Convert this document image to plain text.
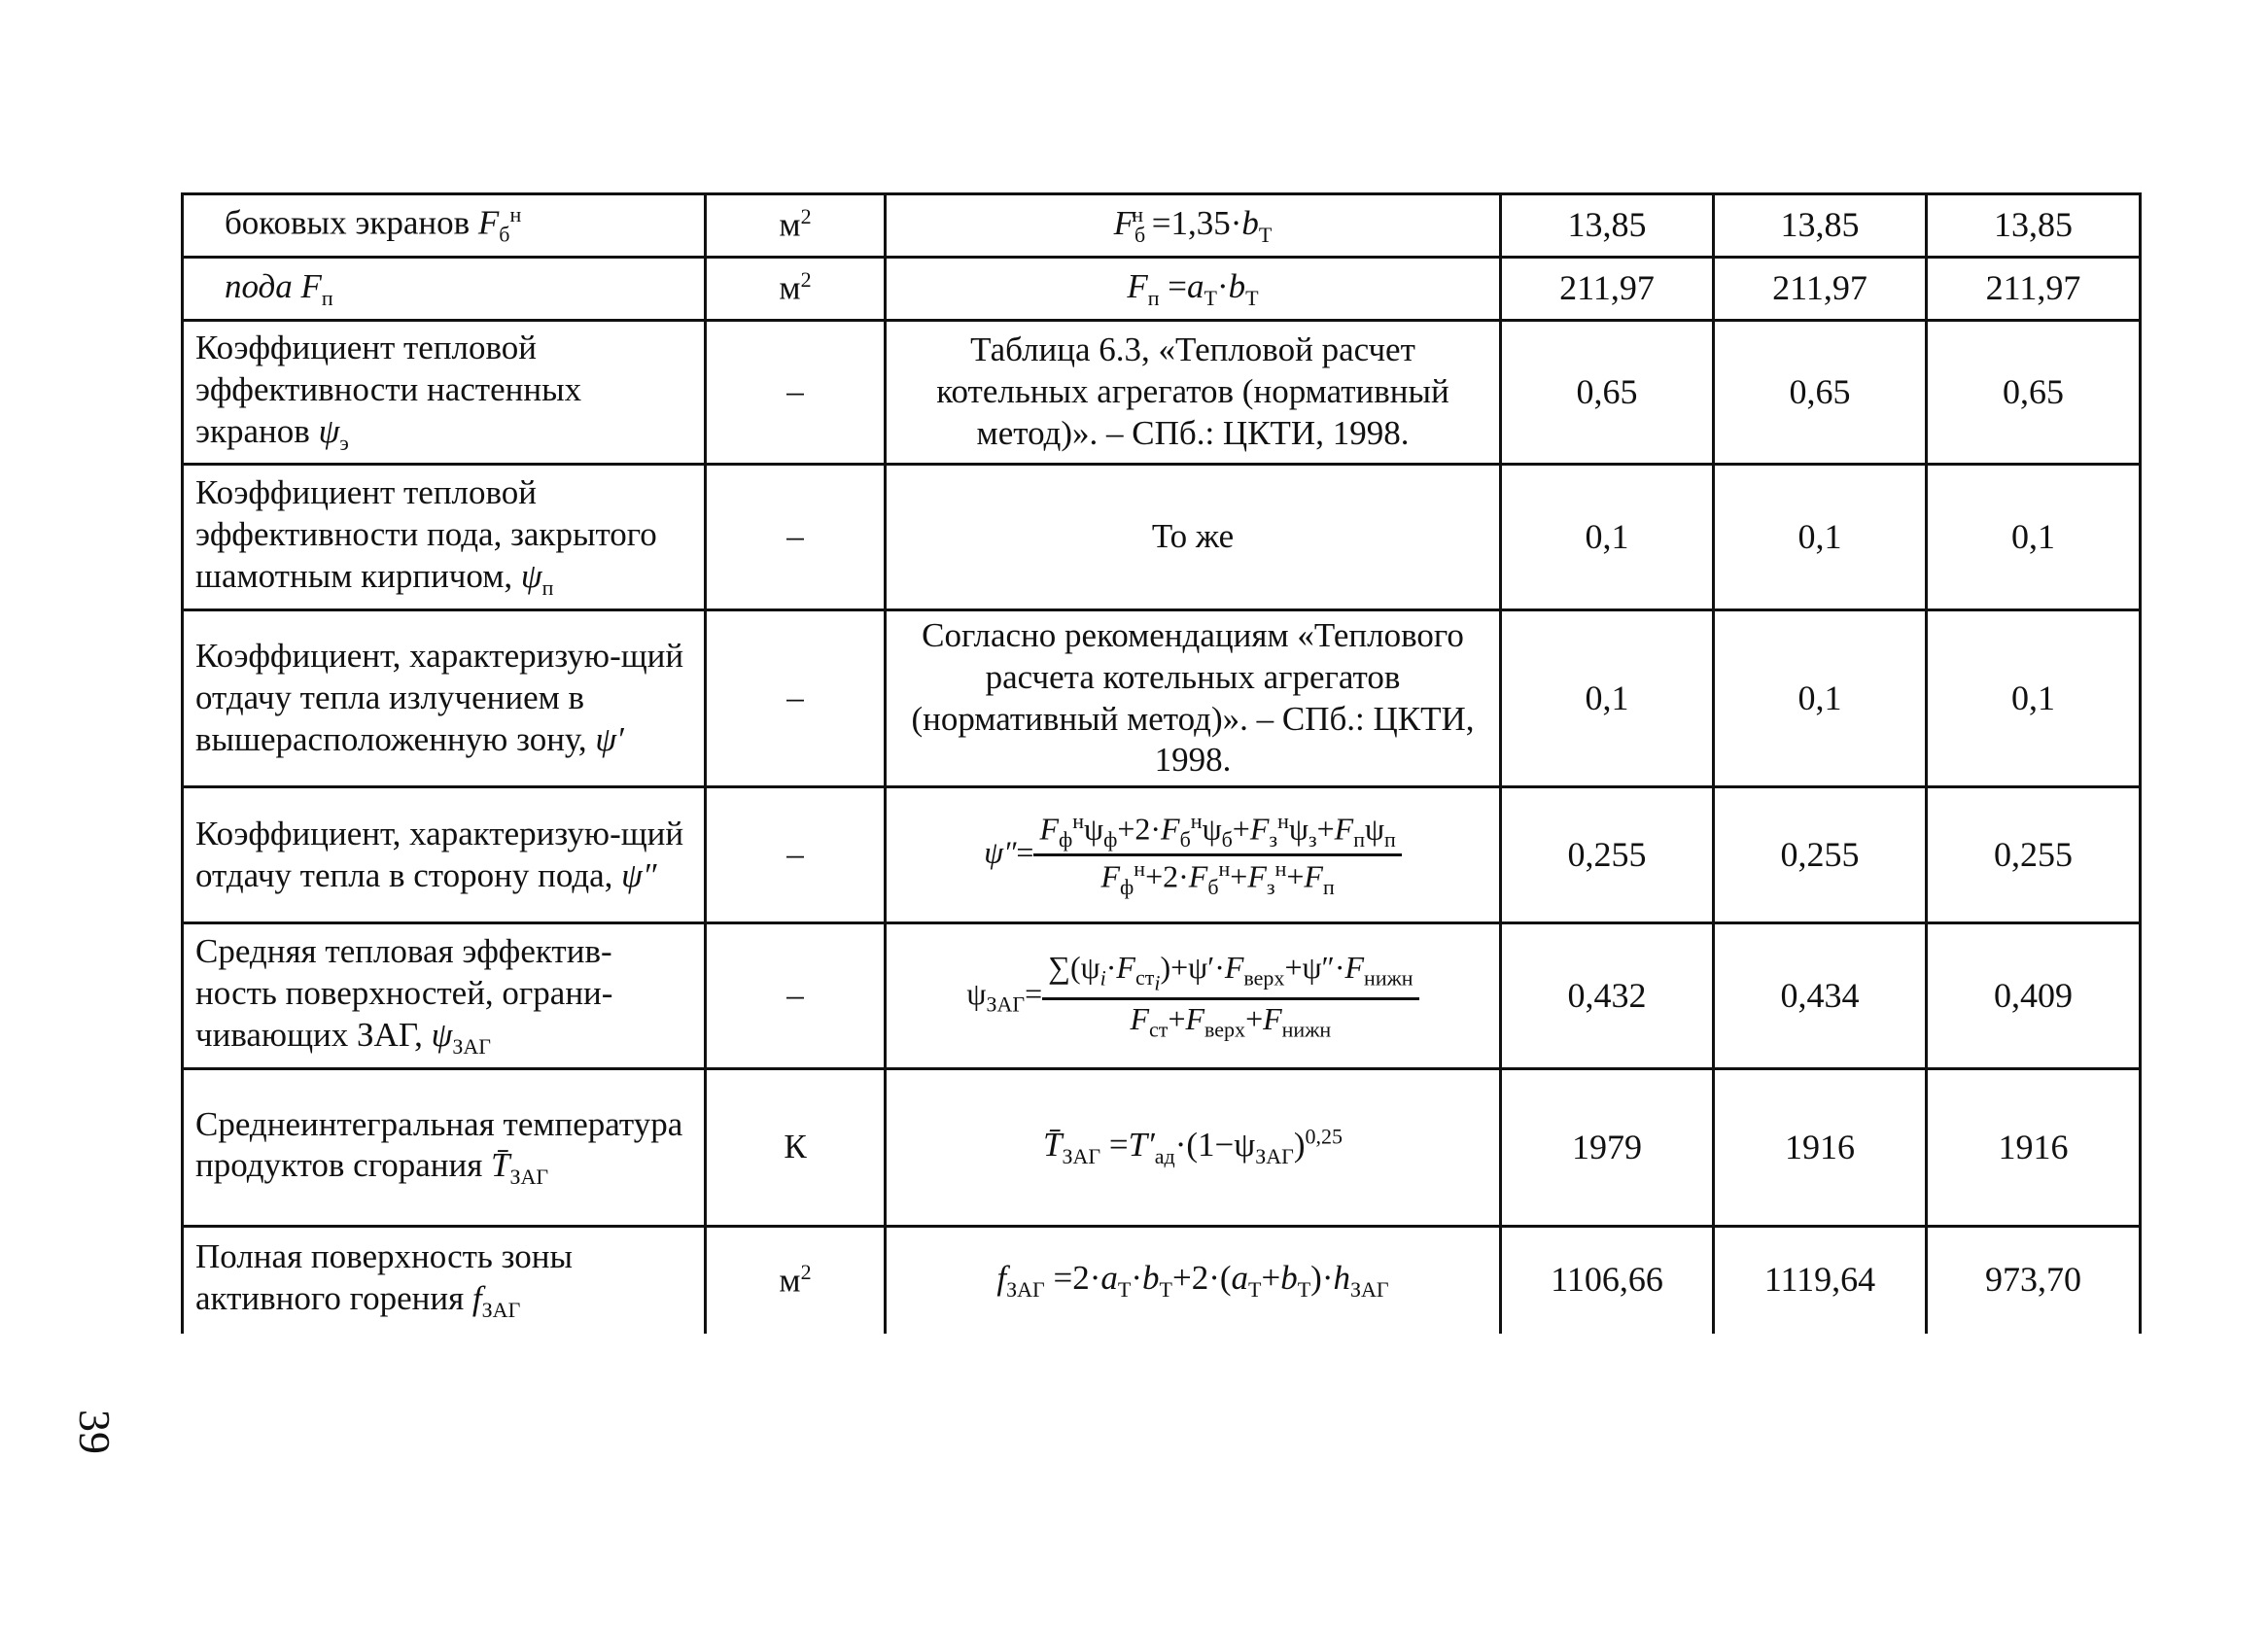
боковых экранов $F_б^н$	$м^2$	$F_б^н =1,35\cdot b_Т$	13,85	13,85	13,85
пода $F_п$	$м^2$	$F_п =a_Т\cdot b_Т$	211,97	211,97	211,97
Коэффициент тепловой эффективности настенных экранов $\psi_э$	–	Таблица 6.3, «Тепловой расчет котельных агрегатов (нормативный метод)». – СПб.: ЦКТИ, 1998.	0,65	0,65	0,65
Коэффициент тепловой эффективности пода, закрытого шамотным кирпичом, $\psi_п$	–	То же	0,1	0,1	0,1
Коэффициент, характеризую-щий отдачу тепла излучением в вышерасположенную зону, ψ′	–	Согласно рекомендациям «Теплового расчета котельных агрегатов (нормативный метод)». – СПб.: ЦКТИ, 1998.	0,1	0,1	0,1
Коэффициент, характеризую-щий отдачу тепла в сторону пода, ψ″	–	$\psi''= \frac{F_ф^н\psi_ф+2\cdot F_б^н\psi_б+F_з^н\psi_з+F_п\psi_п}{F_ф^н+2\cdot F_б^н+F_з^н+F_п}$	0,255	0,255	0,255
Средняя тепловая эффектив-ность поверхностей, ограни-чивающих ЗАГ, $\psi_{ЗАГ}$	–	$\psi_{ЗАГ}= \frac{\sum(\psi_i\cdot F_{ст_i})+\psi'\cdot F_{верх}+\psi''\cdot F_{нижн}}{F_{ст}+F_{верх}+F_{нижн}}$	0,432	0,434	0,409
Среднеинтегральная температура продуктов сгорания $T̄_{ЗАГ}$	К	$T̄_{ЗАГ} =T'_{ад}\cdot(1-\psi_{ЗАГ})^{0,25}$	1979	1916	1916
Полная поверхность зоны активного горения $f_{ЗАГ}$	$м^2$	$f_{ЗАГ} =2\cdot a_Т\cdot b_Т+2\cdot(a_Т+b_Т)\cdot h_{ЗАГ}$	1106,66	1119,64	973,70
39
